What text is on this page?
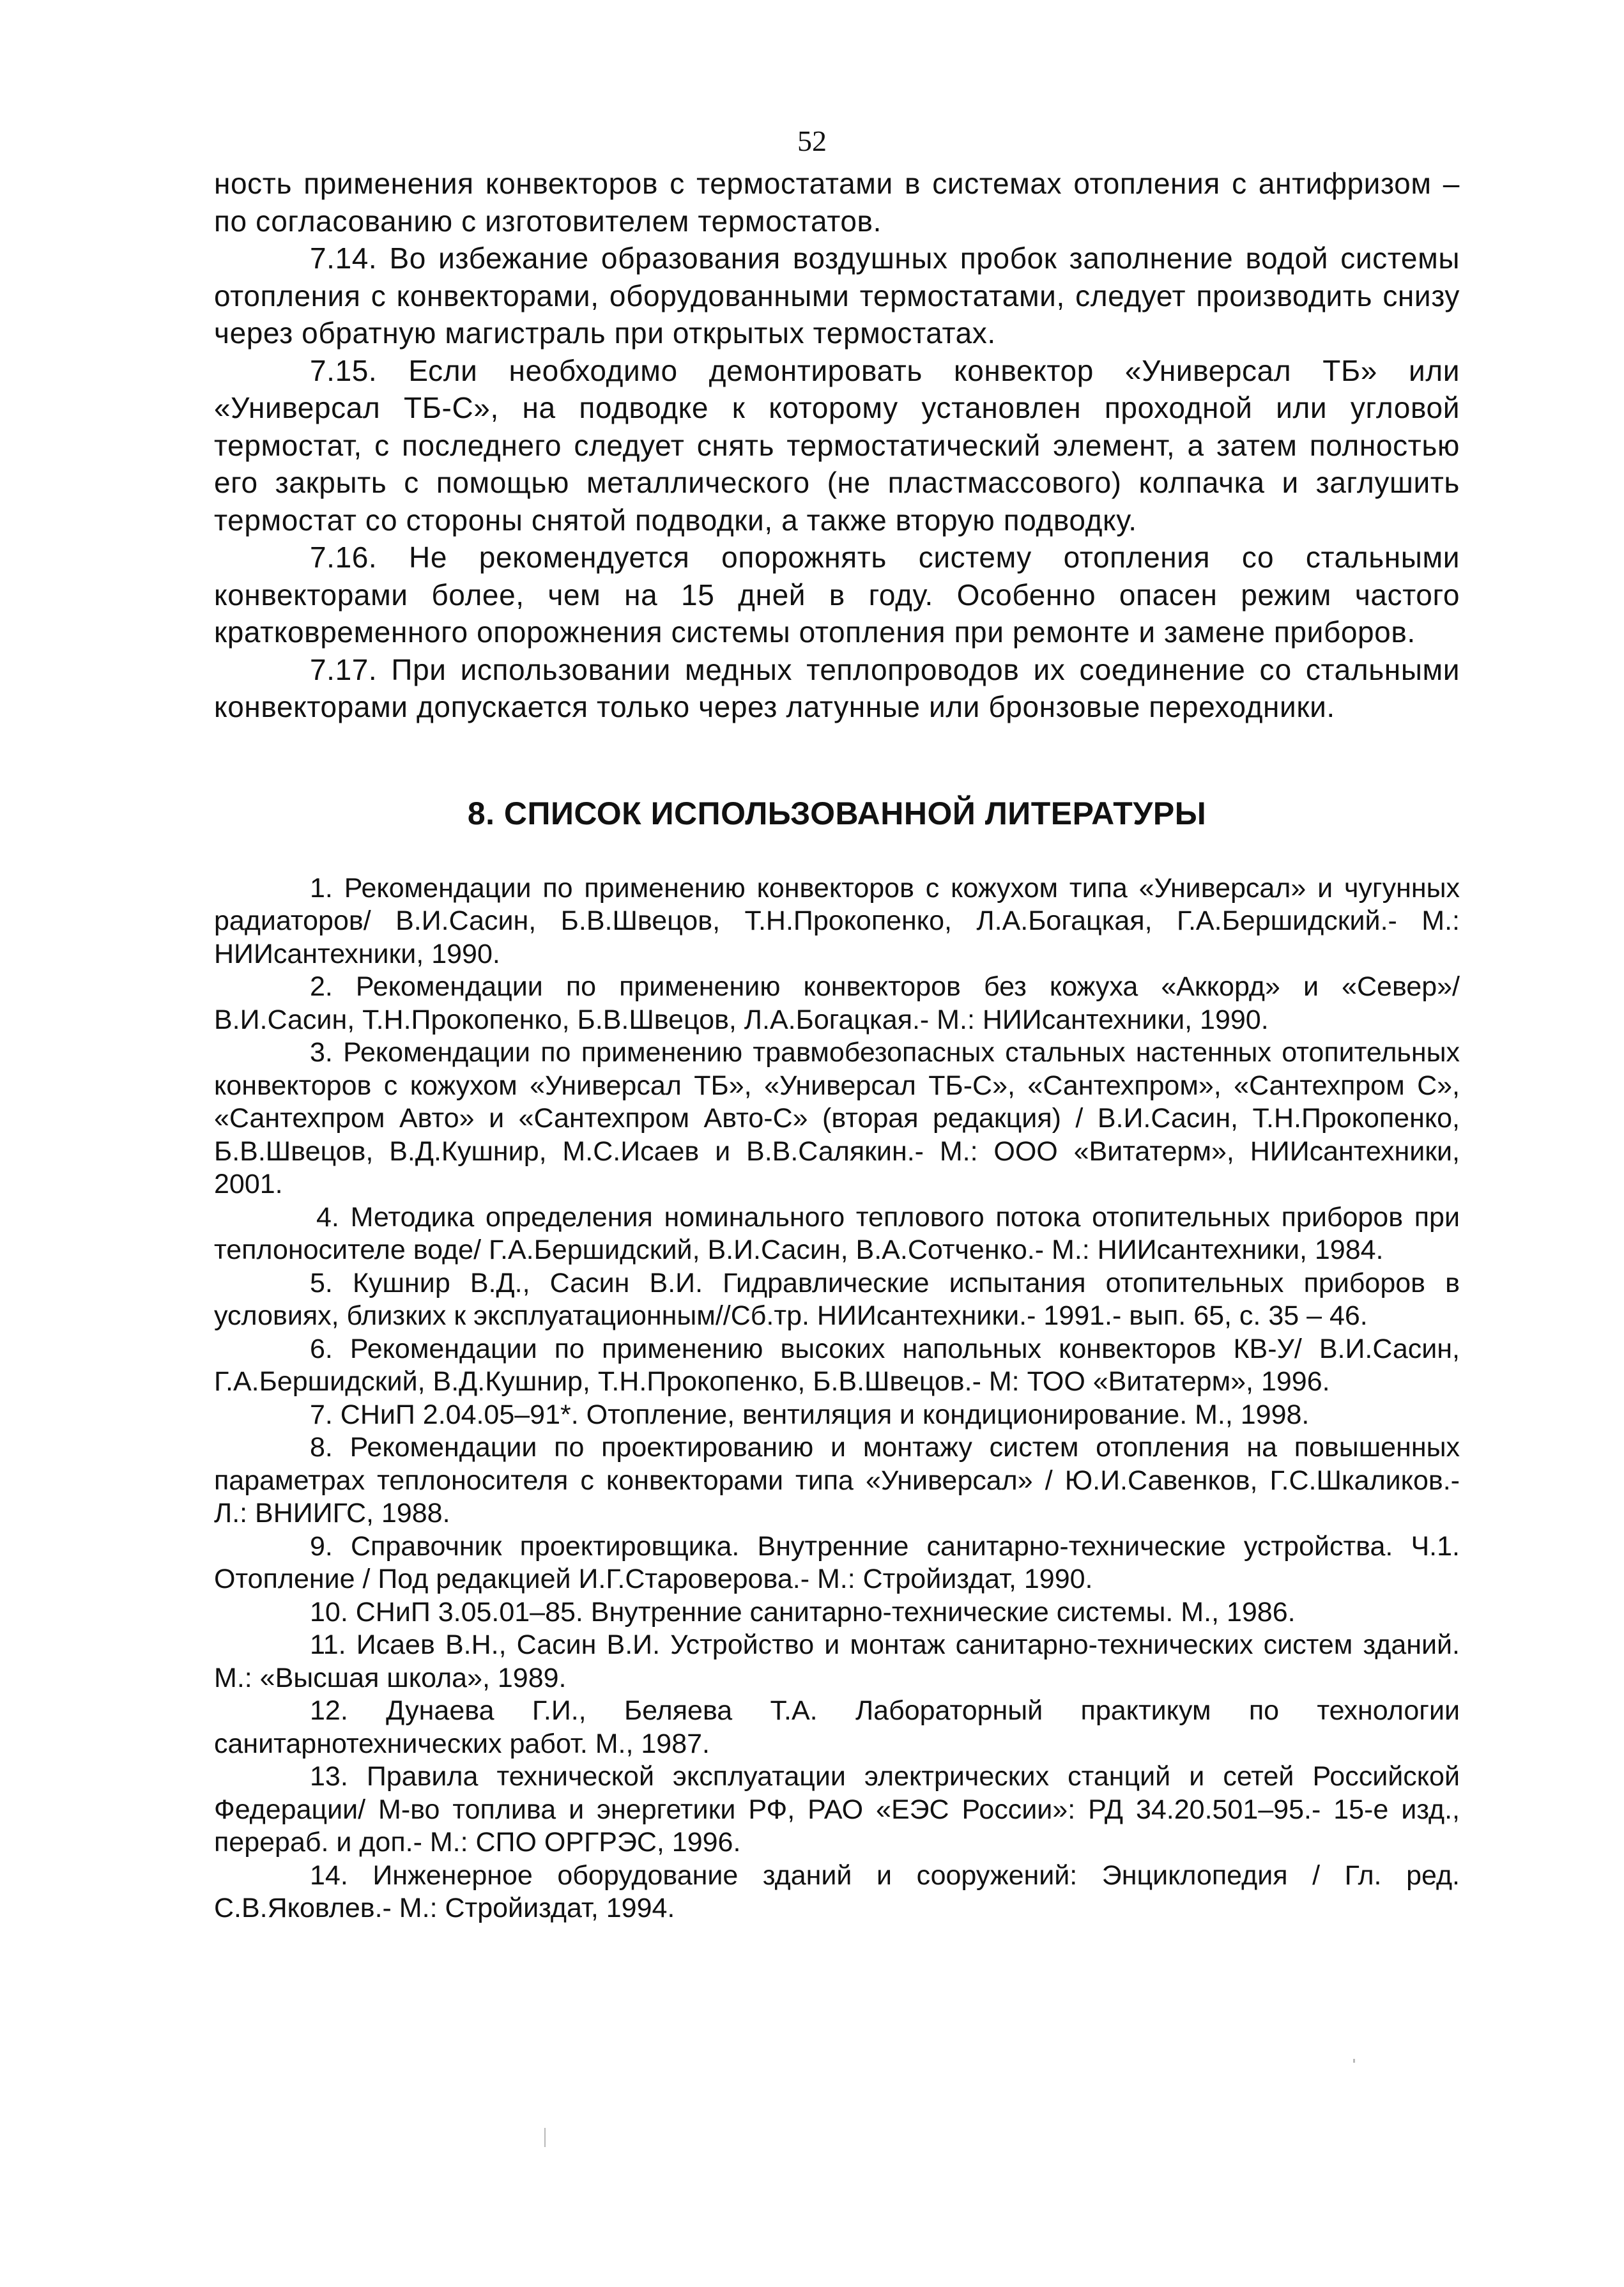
52

ность применения конвекторов с термостатами в системах отопления с антифризом – по согласованию с изготовителем термостатов.

7.14. Во избежание образования воздушных пробок заполнение водой системы отопления с конвекторами, оборудованными термостатами, следует производить снизу через обратную магистраль при открытых термостатах.

7.15. Если необходимо демонтировать конвектор «Универсал ТБ» или «Универсал ТБ-С», на подводке к которому установлен проходной или угловой термостат, с последнего следует снять термостатический элемент, а затем полностью его закрыть с помощью металлического (не пластмассового) колпачка и заглушить термостат со стороны снятой подводки, а также вторую подводку.

7.16. Не рекомендуется опорожнять систему отопления со стальными конвекторами более, чем на 15 дней в году. Особенно опасен режим частого кратковременного опорожнения системы отопления при ремонте и замене приборов.

7.17. При использовании медных теплопроводов их соединение со стальными конвекторами допускается только через латунные или бронзовые переходники.

8. СПИСОК ИСПОЛЬЗОВАННОЙ ЛИТЕРАТУРЫ

1. Рекомендации по применению конвекторов с кожухом типа «Универсал» и чугунных радиаторов/ В.И.Сасин, Б.В.Швецов, Т.Н.Прокопенко, Л.А.Богацкая, Г.А.Бершидский.- М.: НИИсантехники, 1990.

2. Рекомендации по применению конвекторов без кожуха «Аккорд» и «Север»/ В.И.Сасин, Т.Н.Прокопенко, Б.В.Швецов, Л.А.Богацкая.- М.: НИИсантехники, 1990.

3. Рекомендации по применению травмобезопасных стальных настенных отопительных конвекторов с кожухом «Универсал ТБ», «Универсал ТБ-С», «Сантехпром», «Сантехпром С», «Сантехпром Авто» и «Сантехпром Авто-С» (вторая редакция) / В.И.Сасин, Т.Н.Прокопенко, Б.В.Швецов, В.Д.Кушнир, М.С.Исаев и В.В.Салякин.- М.: ООО «Витатерм», НИИсантехники, 2001.

4. Методика определения номинального теплового потока отопительных приборов при теплоносителе воде/ Г.А.Бершидский, В.И.Сасин, В.А.Сотченко.- М.: НИИсантехники, 1984.

5. Кушнир В.Д., Сасин В.И. Гидравлические испытания отопительных приборов в условиях, близких к эксплуатационным//Сб.тр. НИИсантехники.- 1991.- вып. 65, с. 35 – 46.

6. Рекомендации по применению высоких напольных конвекторов КВ-У/ В.И.Сасин, Г.А.Бершидский, В.Д.Кушнир, Т.Н.Прокопенко, Б.В.Швецов.- М: ТОО «Витатерм», 1996.

7. СНиП 2.04.05–91*. Отопление, вентиляция и кондиционирование. М., 1998.

8. Рекомендации по проектированию и монтажу систем отопления на повышенных параметрах теплоносителя с конвекторами типа «Универсал» / Ю.И.Савенков, Г.С.Шкаликов.- Л.: ВНИИГС, 1988.

9. Справочник проектировщика. Внутренние санитарно-технические устройства. Ч.1. Отопление / Под редакцией И.Г.Староверова.- М.: Стройиздат, 1990.

10. СНиП 3.05.01–85. Внутренние санитарно-технические системы. М., 1986.

11. Исаев В.Н., Сасин В.И. Устройство и монтаж санитарно-технических систем зданий. М.: «Высшая школа», 1989.

12. Дунаева Г.И., Беляева Т.А. Лабораторный практикум по технологии санитарнотехнических работ. М., 1987.

13. Правила технической эксплуатации электрических станций и сетей Российской Федерации/ М-во топлива и энергетики РФ, РАО «ЕЭС России»: РД 34.20.501–95.- 15-е изд., перераб. и доп.- М.: СПО ОРГРЭС, 1996.

14. Инженерное оборудование зданий и сооружений: Энциклопедия / Гл. ред. С.В.Яковлев.- М.: Стройиздат, 1994.
